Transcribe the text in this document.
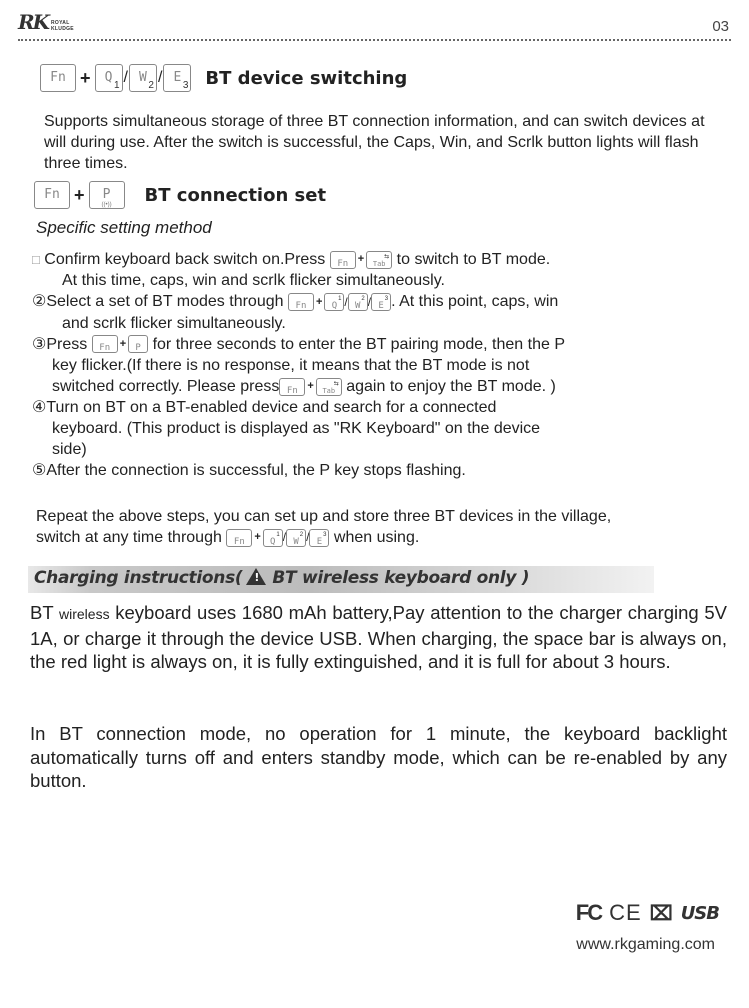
RK ROYAL
KLUDGE	03
Fn +	Q
1 / W
2 / E
3 BT device switching
Supports simultaneous storage of three BT connection information, and can switch devices at will during use. After the switch is successful, the Caps, Win, and Scrlk button lights will flash three times.
Fn +	P
((•))	BT connection set
Specific setting method
□ Confirm keyboard back switch on.Press	Fn +	Tab
⇆ to switch to BT mode.
At this time, caps, win and scrlk flicker simultaneously.
②Select a set of BT modes through	Fn +	Q
1 / W
2 / E
3 . At this point, caps, win
and scrlk flicker simultaneously.
③Press	Fn +	P for three seconds to enter the BT pairing mode, then the P
key flicker.(If there is no response, it means that the BT mode is not
switched correctly. Please press Fn +	Tab
⇆ again to enjoy the BT mode. )
④Turn on BT on a BT-enabled device and search for a connected
keyboard. (This product is displayed as "RK Keyboard" on the device
side)
⑤After the connection is successful, the P key stops flashing.
Repeat the above steps, you can set up and store three BT devices in the village,
switch at any time through	Fn +	Q
1 / W
2 / E
3 when using.
Charging instructions( ! BT wireless keyboard only )
BT wireless keyboard uses 1680 mAh battery,Pay attention to the charger charging 5V 1A, or charge it through the device USB. When charging, the space bar is always on, the red light is always on, it is fully extinguished, and it is full for about 3 hours.
In BT connection mode, no operation for 1 minute, the keyboard backlight automatically turns off and enters standby mode, which can be re-enabled by any button.
FC CE ⌧ USB
www.rkgaming.com
